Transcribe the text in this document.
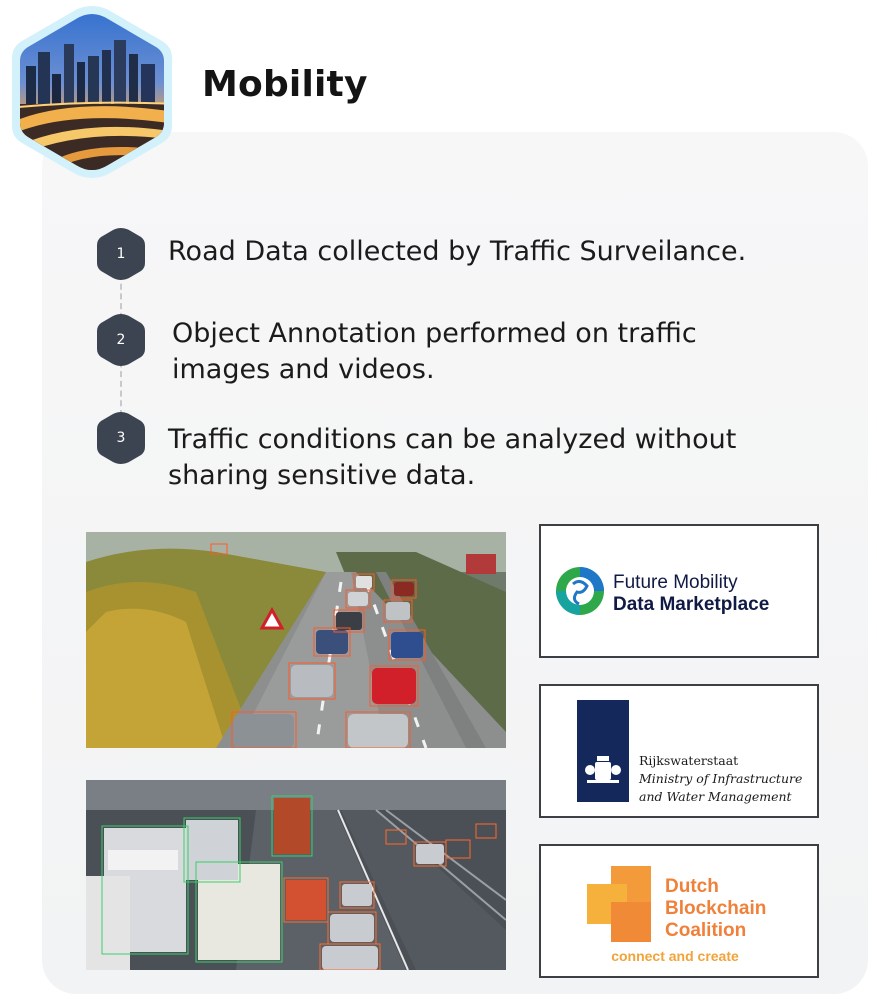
Mobility
1 Road Data collected by Traffic Surveilance.
2 Object Annotation performed on traffic images and videos.
3 Traffic conditions can be analyzed without sharing sensitive data.
Future Mobility
Data Marketplace
Rijkswaterstaat
Ministry of Infrastructure
and Water Management
Dutch
Blockchain
Coalition
connect and create
